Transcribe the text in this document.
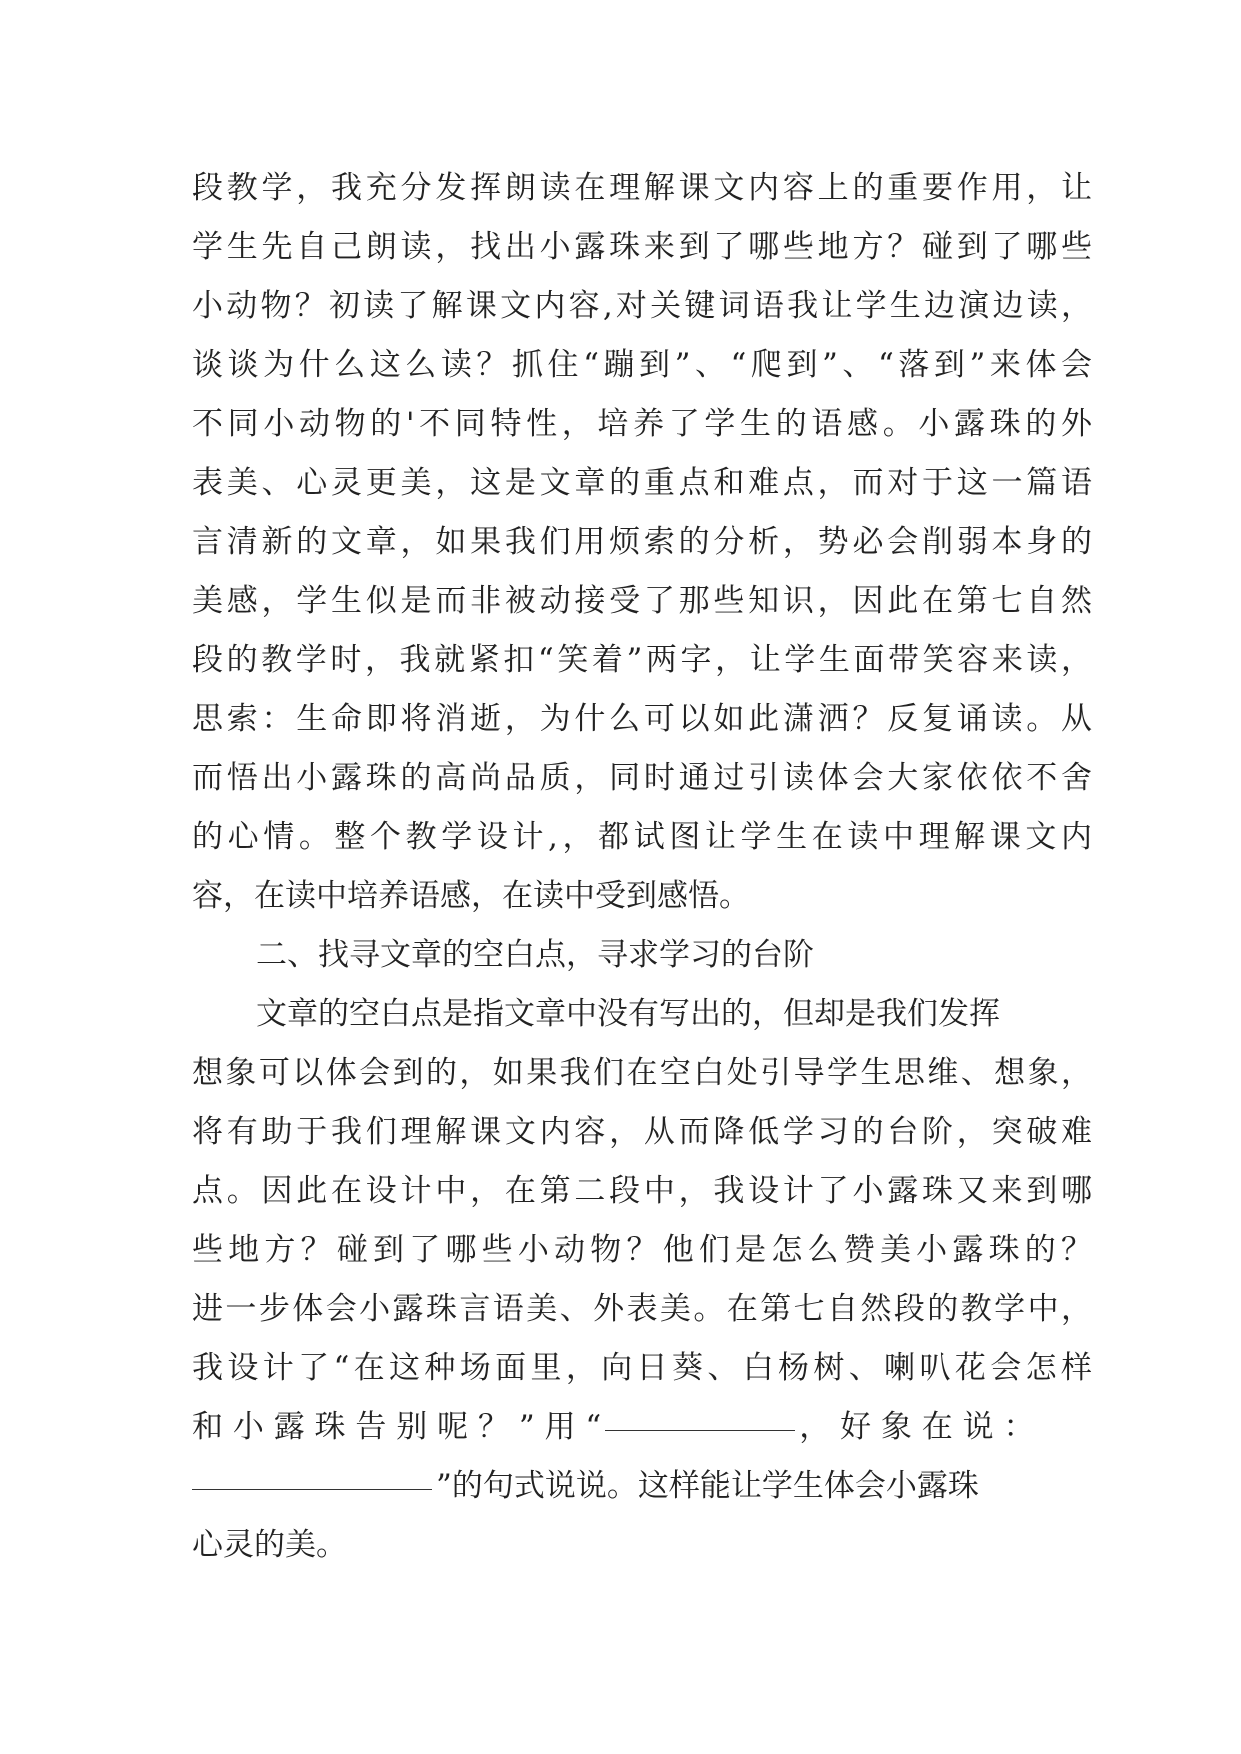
段教学，我充分发挥朗读在理解课文内容上的重要作用，让
学生先自己朗读，找出小露珠来到了哪些地方？碰到了哪些
小动物？初读了解课文内容,对关键词语我让学生边演边读，
谈谈为什么这么读？抓住“蹦到”、“爬到”、“落到”来体会
不同小动物的'不同特性，培养了学生的语感。小露珠的外
表美、心灵更美，这是文章的重点和难点，而对于这一篇语
言清新的文章，如果我们用烦索的分析，势必会削弱本身的
美感，学生似是而非被动接受了那些知识，因此在第七自然
段的教学时，我就紧扣“笑着”两字，让学生面带笑容来读，
思索：生命即将消逝，为什么可以如此潇洒？反复诵读。从
而悟出小露珠的高尚品质，同时通过引读体会大家依依不舍
的心情。整个教学设计,，都试图让学生在读中理解课文内
容，在读中培养语感，在读中受到感悟。
二、找寻文章的空白点，寻求学习的台阶
文章的空白点是指文章中没有写出的，但却是我们发挥
想象可以体会到的，如果我们在空白处引导学生思维、想象，
将有助于我们理解课文内容，从而降低学习的台阶，突破难
点。因此在设计中，在第二段中，我设计了小露珠又来到哪
些地方？碰到了哪些小动物？他们是怎么赞美小露珠的？
进一步体会小露珠言语美、外表美。在第七自然段的教学中，
我设计了“在这种场面里，向日葵、白杨树、喇叭花会怎样
和 小 露 珠 告 别 呢 ？ ” 用 “	， 好 象 在 说 ：
”的句式说说。这样能让学生体会小露珠
心灵的美。
